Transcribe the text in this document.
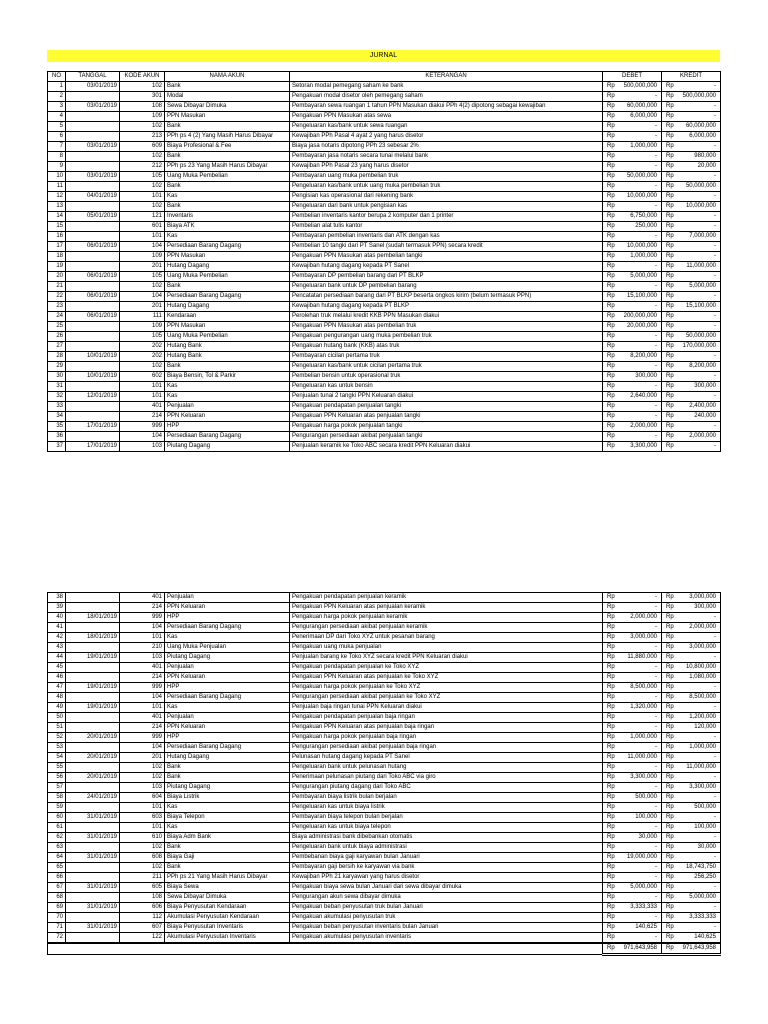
JURNAL
NO	TANGGAL	KODE AKUN	NAMA AKUN	KETERANGAN	DEBET	KREDIT
1	03/01/2019	102	Bank	Setoran modal pemegang saham ke bank	Rp 500,000,000	Rp -

2		301	Modal	Pengakuan modal disetor oleh pemegang saham	Rp -	Rp 500,000,000

3	03/01/2019	108	Sewa Dibayar Dimuka	Pembayaran sewa ruangan 1 tahun PPN Masukan diakui PPh 4(2) dipotong sebagai kewajiban	Rp 60,000,000	Rp -

4		109	PPN Masukan	Pengakuan PPN Masukan atas sewa	Rp 6,000,000	Rp -

5		102	Bank	Pengeluaran kas/bank untuk sewa ruangan	Rp -	Rp 60,000,000

6		213	PPh ps 4 (2) Yang Masih Harus Dibayar	Kewajiban PPh Pasal 4 ayat 2 yang harus disetor	Rp -	Rp 6,000,000

7	03/01/2019	609	Biaya Profesional & Fee	Biaya jasa notaris dipotong PPh 23 sebesar 2%	Rp 1,000,000	Rp -

8		102	Bank	Pembayaran jasa notaris secara tunai melalui bank	Rp -	Rp 980,000

9		212	PPh ps 23 Yang Masih Harus Dibayar	Kewajiban PPh Pasal 23 yang harus disetor	Rp -	Rp 20,000

10	03/01/2019	105	Uang Muka Pembelian	Pembayaran uang muka pembelian truk	Rp 50,000,000	Rp -

11		102	Bank	Pengeluaran kas/bank untuk uang muka pembelian truk	Rp -	Rp 50,000,000

12	04/01/2019	101	Kas	Pengisian kas operasional dari rekening bank	Rp 10,000,000	Rp -

13		102	Bank	Pengeluaran dari bank untuk pengisian kas	Rp -	Rp 10,000,000

14	05/01/2019	121	Inventaris	Pembelian inventaris kantor berupa 2 komputer dan 1 printer	Rp 6,750,000	Rp -

15		601	Biaya ATK	Pembelian alat tulis kantor	Rp 250,000	Rp -

16		101	Kas	Pembayaran pembelian inventaris dan ATK dengan kas	Rp -	Rp 7,000,000

17	06/01/2019	104	Persediaan Barang Dagang	Pembelian 10 tangki dari PT Sanel (sudah termasuk PPN) secara kredit	Rp 10,000,000	Rp -

18		109	PPN Masukan	Pengakuan PPN Masukan atas pembelian tangki	Rp 1,000,000	Rp -

19		201	Hutang Dagang	Kewajiban hutang dagang kepada PT Sanel	Rp -	Rp 11,000,000

20	06/01/2019	105	Uang Muka Pembelian	Pembayaran DP pembelian barang dari PT BLKP	Rp 5,000,000	Rp -

21		102	Bank	Pengeluaran bank untuk DP pembelian barang	Rp -	Rp 5,000,000

22	06/01/2019	104	Persediaan Barang Dagang	Pencatatan persediaan barang dari PT BLKP beserta ongkos kirim (belum termasuk PPN)	Rp 15,100,000	Rp -

23		201	Hutang Dagang	Kewajiban hutang dagang kepada PT BLKP	Rp -	Rp 15,100,000

24	06/01/2019	111	Kendaraan	Perolehan truk melalui kredit KKB PPN Masukan diakui	Rp 200,000,000	Rp -

25		109	PPN Masukan	Pengakuan PPN Masukan atas pembelian truk	Rp 20,000,000	Rp -

26		105	Uang Muka Pembelian	Pengakuan pengurangan uang muka pembelian truk	Rp -	Rp 50,000,000

27		202	Hutang Bank	Pengakuan hutang bank (KKB) atas truk	Rp -	Rp 170,000,000

28	10/01/2019	202	Hutang Bank	Pembayaran cicilan pertama truk	Rp 8,200,000	Rp -

29		102	Bank	Pengeluaran kas/bank untuk cicilan pertama truk	Rp -	Rp 8,200,000

30	10/01/2019	602	Biaya Bensin, Tol & Parkir	Pembelian bensin untuk operasional truk	Rp 300,000	Rp -

31		101	Kas	Pengeluaran kas untuk bensin	Rp -	Rp 300,000

32	12/01/2019	101	Kas	Penjualan tunai 2 tangki PPN Keluaran diakui	Rp 2,640,000	Rp -

33		401	Penjualan	Pengakuan pendapatan penjualan tangki	Rp -	Rp 2,400,000

34		214	PPN Keluaran	Pengakuan PPN Keluaran atas penjualan tangki	Rp -	Rp 240,000

35	17/01/2019	999	HPP	Pengakuan harga pokok penjualan tangki	Rp 2,000,000	Rp -

36		104	Persediaan Barang Dagang	Pengurangan persediaan akibat penjualan tangki	Rp -	Rp 2,000,000

37	17/01/2019	103	Piutang Dagang	Penjualan keramik ke Toko ABC secara kredit PPN Keluaran diakui	Rp 3,300,000	Rp -
38		401	Penjualan	Pengakuan pendapatan penjualan keramik	Rp -	Rp 3,000,000

39		214	PPN Keluaran	Pengakuan PPN Keluaran atas penjualan keramik	Rp -	Rp 300,000

40	18/01/2019	999	HPP	Pengakuan harga pokok penjualan keramik	Rp 2,000,000	Rp -

41		104	Persediaan Barang Dagang	Pengurangan persediaan akibat penjualan keramik	Rp -	Rp 2,000,000

42	18/01/2019	101	Kas	Penerimaan DP dari Toko XYZ untuk pesanan barang	Rp 3,000,000	Rp -

43		210	Uang Muka Penjualan	Pengakuan uang muka penjualan	Rp -	Rp 3,000,000

44	19/01/2019	103	Piutang Dagang	Penjualan barang ke Toko XYZ secara kredit PPN Keluaran diakui	Rp 11,880,000	Rp -

45		401	Penjualan	Pengakuan pendapatan penjualan ke Toko XYZ	Rp -	Rp 10,800,000

46		214	PPN Keluaran	Pengakuan PPN Keluaran atas penjualan ke Toko XYZ	Rp -	Rp 1,080,000

47	19/01/2019	999	HPP	Pengakuan harga pokok penjualan ke Toko XYZ	Rp 8,500,000	Rp -

48		104	Persediaan Barang Dagang	Pengurangan persediaan akibat penjualan ke Toko XYZ	Rp -	Rp 8,500,000

49	19/01/2019	101	Kas	Penjualan baja ringan tunai PPN Keluaran diakui	Rp 1,320,000	Rp -

50		401	Penjualan	Pengakuan pendapatan penjualan baja ringan	Rp -	Rp 1,200,000

51		214	PPN Keluaran	Pengakuan PPN Keluaran atas penjualan baja ringan	Rp -	Rp 120,000

52	20/01/2019	999	HPP	Pengakuan harga pokok penjualan baja ringan	Rp 1,000,000	Rp -

53		104	Persediaan Barang Dagang	Pengurangan persediaan akibat penjualan baja ringan	Rp -	Rp 1,000,000

54	20/01/2019	201	Hutang Dagang	Pelunasan hutang dagang kepada PT Sanel	Rp 11,000,000	Rp -

55		102	Bank	Pengeluaran bank untuk pelunasan hutang	Rp -	Rp 11,000,000

56	20/01/2019	102	Bank	Penerimaan pelunasan piutang dari Toko ABC via giro	Rp 3,300,000	Rp -

57		103	Piutang Dagang	Pengurangan piutang dagang dari Toko ABC	Rp -	Rp 3,300,000

58	24/01/2019	604	Biaya Listrik	Pembayaran biaya listrik bulan berjalan	Rp 500,000	Rp -

59		101	Kas	Pengeluaran kas untuk biaya listrik	Rp -	Rp 500,000

60	31/01/2019	603	Biaya Telepon	Pembayaran biaya telepon bulan berjalan	Rp 100,000	Rp -

61		101	Kas	Pengeluaran kas untuk biaya telepon	Rp -	Rp 100,000

62	31/01/2019	610	Biaya Adm Bank	Biaya administrasi bank dibebankan otomatis	Rp 30,000	Rp -

63		102	Bank	Pengeluaran bank untuk biaya administrasi	Rp -	Rp 30,000

64	31/01/2019	608	Biaya Gaji	Pembebanan biaya gaji karyawan bulan Januari	Rp 19,000,000	Rp -

65		102	Bank	Pembayaran gaji bersih ke karyawan via bank	Rp -	Rp 18,743,750

66		211	PPh ps 21 Yang Masih Harus Dibayar	Kewajiban PPh 21 karyawan yang harus disetor	Rp -	Rp 256,250

67	31/01/2019	605	Biaya Sewa	Pengakuan biaya sewa bulan Januari dari sewa dibayar dimuka	Rp 5,000,000	Rp -

68		108	Sewa Dibayar Dimuka	Pengurangan akun sewa dibayar dimuka	Rp -	Rp 5,000,000

69	31/01/2019	606	Biaya Penyusutan Kendaraan	Pengakuan beban penyusutan truk bulan Januari	Rp 3,333,333	Rp -

70		112	Akumulasi Penyusutan Kendaraan	Pengakuan akumulasi penyusutan truk	Rp -	Rp 3,333,333

71	31/01/2019	607	Biaya Penyusutan Inventaris	Pengakuan beban penyusutan inventaris bulan Januari	Rp 140,625	Rp -

72		122	Akumulasi Penyusutan Inventaris	Pengakuan akumulasi penyusutan inventaris	Rp -	Rp 140,625

					Rp 971,643,958	Rp 971,643,958
